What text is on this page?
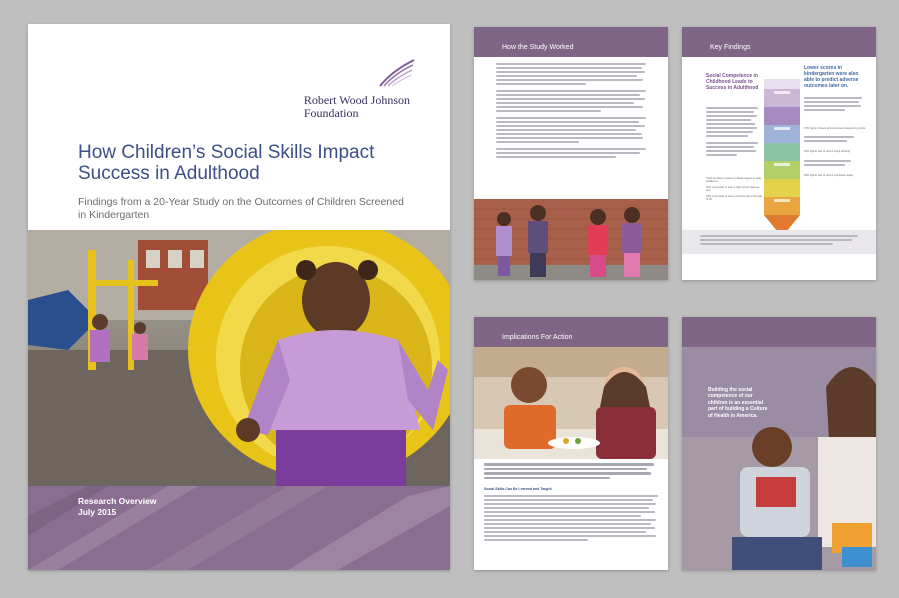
Robert Wood Johnson
Foundation
How Children’s Social Skills Impact Success in Adulthood
Findings from a 20-Year Study on the Outcomes of Children Screened in Kindergarten
Research Overview
July 2015
How the Study Worked	Key Findings
Social Competence in Childhood Leads to Success in Adulthood
Lower scores in kindergarten were also able to predict adverse outcomes later on.
Twice as likely to attain a college degree in early adulthood
54% more likely to earn a high school diploma; and
46% more likely to have a full-time job at the age of 25.
67% higher chance of having been detained by police
52% higher rate of recent binge drinking
82% higher rate of recent marijuana usage
Implications For Action
Social Skills Can Be Learned and Taught
Building the social competence of our children is an essential part of building a Culture of Health in America.
